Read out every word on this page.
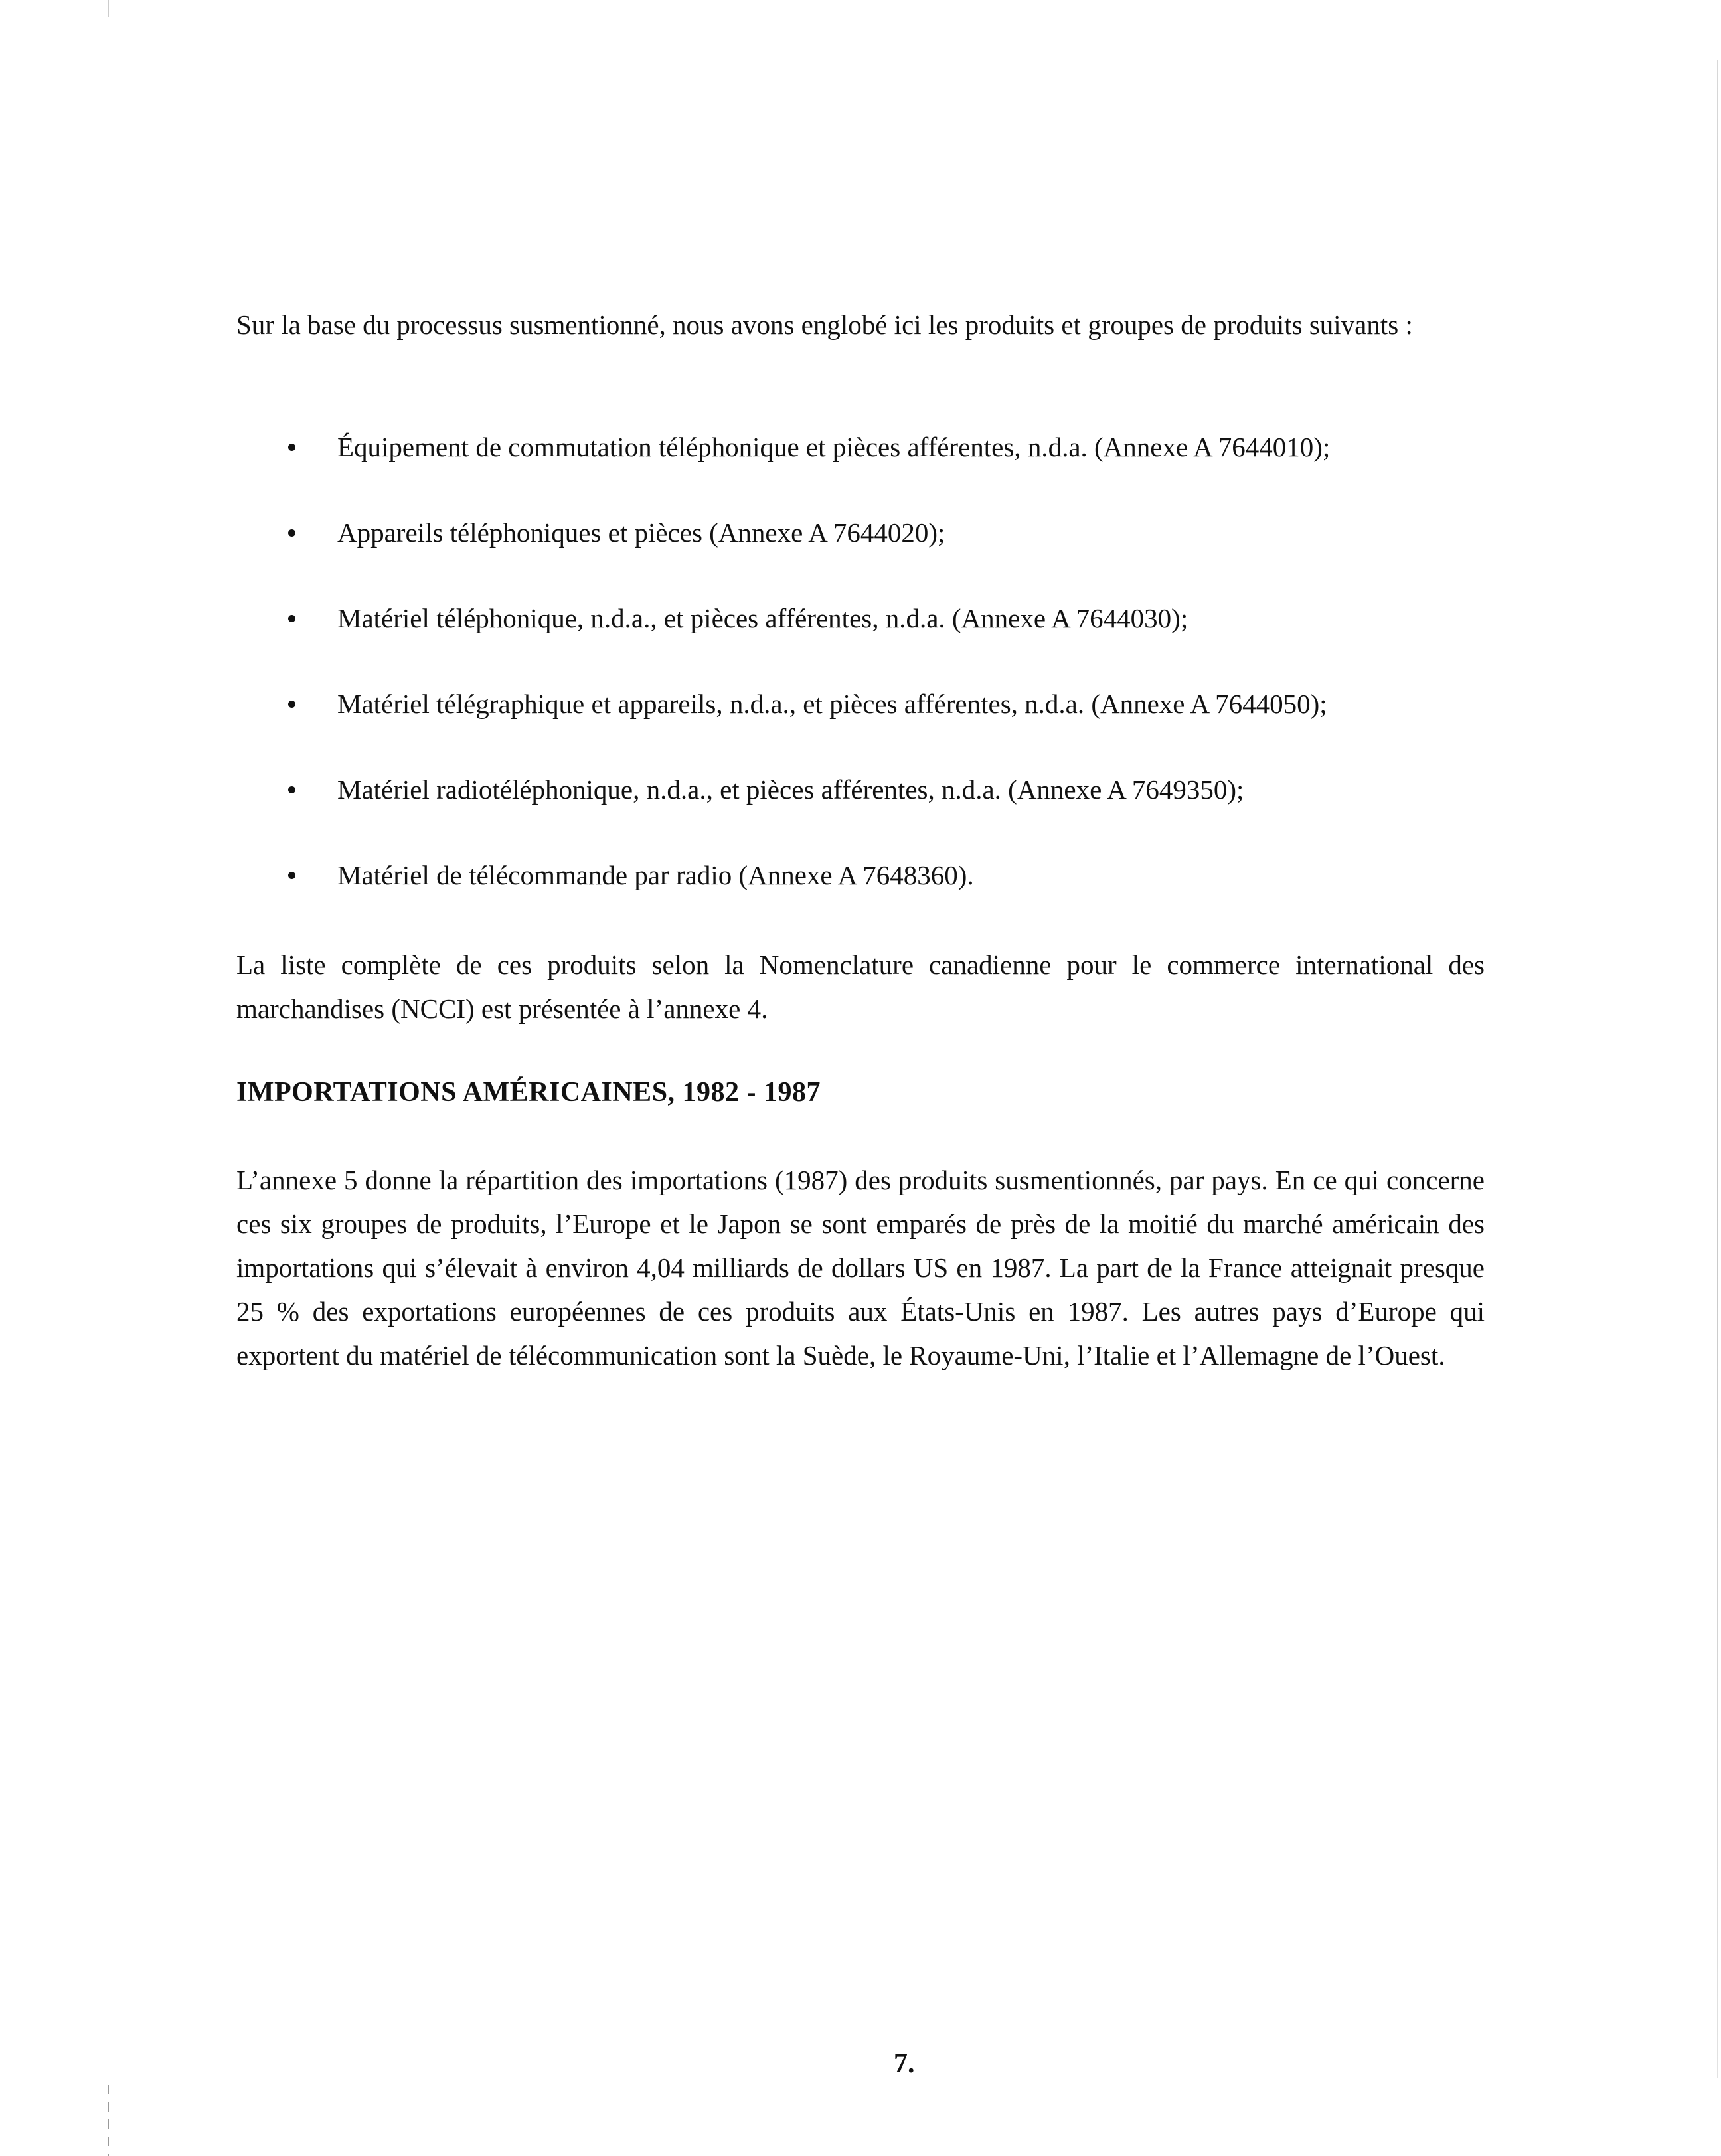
Sur la base du processus susmentionné, nous avons englobé ici les produits et groupes de produits suivants :

Équipement de commutation téléphonique et pièces afférentes, n.d.a. (Annexe A 7644010);
Appareils téléphoniques et pièces (Annexe A 7644020);
Matériel téléphonique, n.d.a., et pièces afférentes, n.d.a. (Annexe A 7644030);
Matériel télégraphique et appareils, n.d.a., et pièces afférentes, n.d.a. (Annexe A 7644050);
Matériel radiotéléphonique, n.d.a., et pièces afférentes, n.d.a. (Annexe A 7649350);
Matériel de télécommande par radio (Annexe A 7648360).

La liste complète de ces produits selon la Nomenclature canadienne pour le commerce international des marchandises (NCCI) est présentée à l’annexe 4.

IMPORTATIONS AMÉRICAINES, 1982 - 1987

L’annexe 5 donne la répartition des importations (1987) des produits susmentionnés, par pays. En ce qui concerne ces six groupes de produits, l’Europe et le Japon se sont emparés de près de la moitié du marché américain des importations qui s’élevait à environ 4,04 milliards de dollars US en 1987. La part de la France atteignait presque 25 % des exportations européennes de ces produits aux États-Unis en 1987. Les autres pays d’Europe qui exportent du matériel de télécommunication sont la Suède, le Royaume-Uni, l’Italie et l’Allemagne de l’Ouest.

7.
